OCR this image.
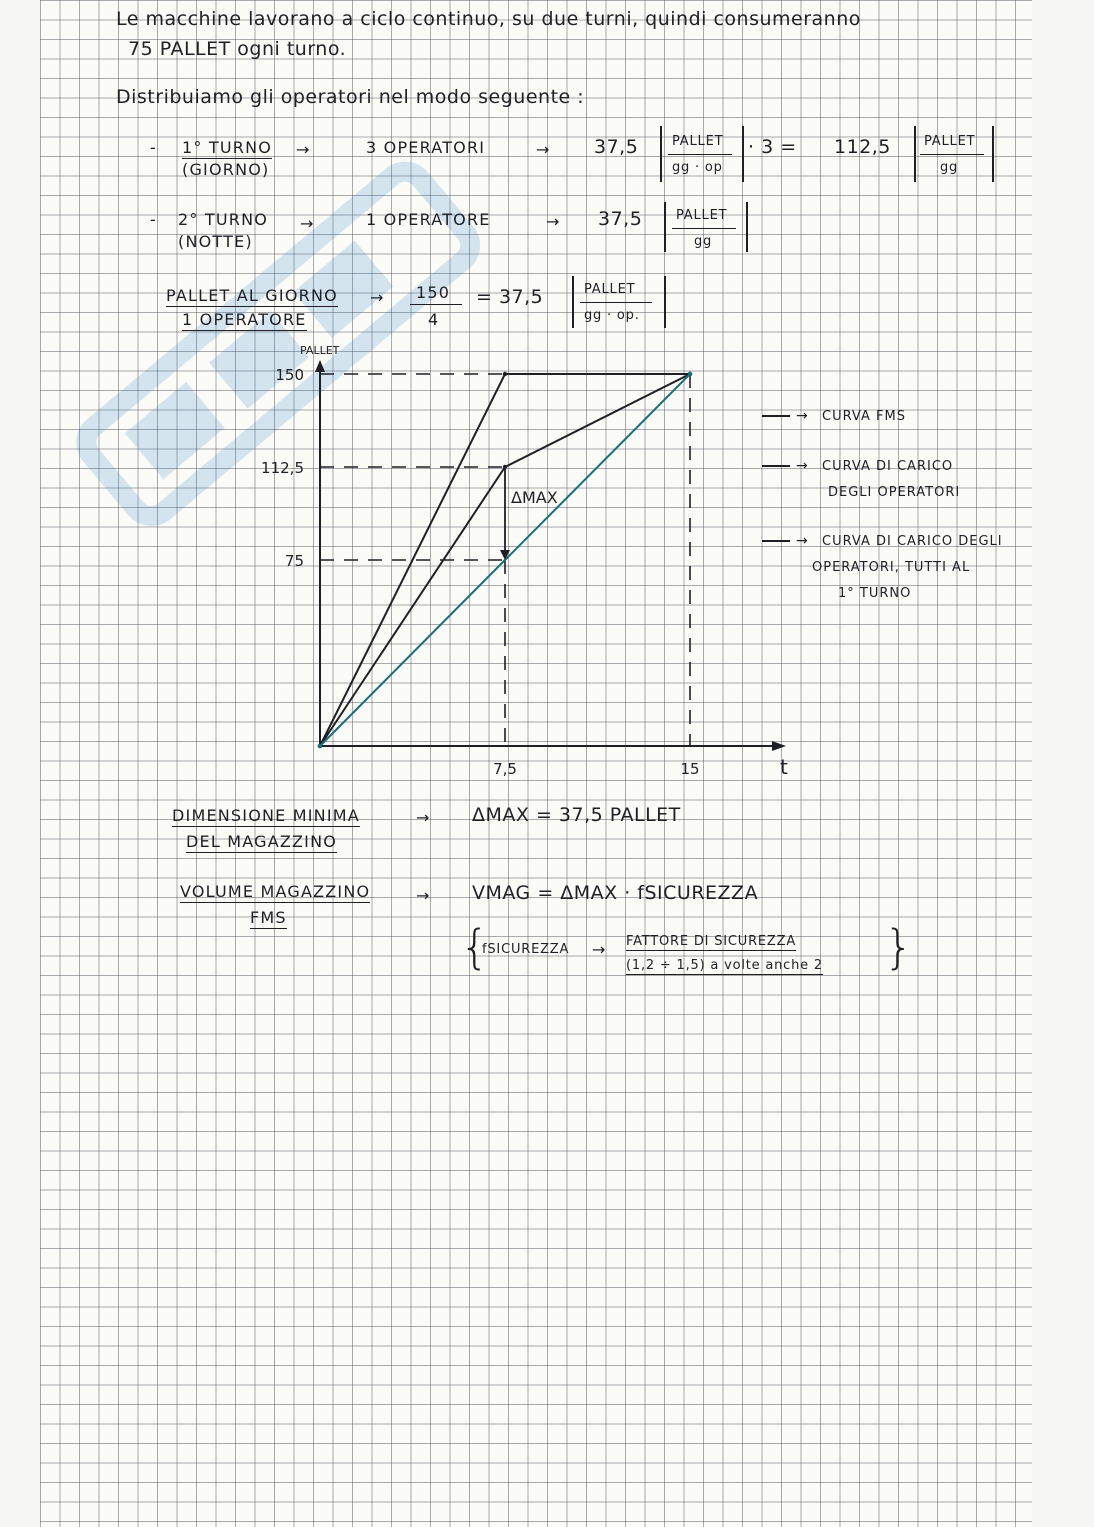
Le macchine lavorano a ciclo continuo, su due turni, quindi consumeranno
75 PALLET ogni turno.
Distribuiamo gli operatori nel modo seguente :
- 1° TURNO
(GIORNO)
→	3 OPERATORI	→ 37,5	PALLET
gg · op
· 3 = 112,5	PALLET
gg
- 2° TURNO
(NOTTE)
→	1 OPERATORE	→ 37,5	PALLET
gg
PALLET AL GIORNO
1 OPERATORE
→ 150
4
= 37,5	PALLET
gg · op.
PALLET
t
ΔMAX
150
112,5
75
7,5	15
→ CURVA FMS
→ CURVA DI CARICO
DEGLI OPERATORI
→ CURVA DI CARICO DEGLI
OPERATORI, TUTTI AL
1° TURNO
DIMENSIONE MINIMA
DEL MAGAZZINO
→ ΔMAX = 37,5 PALLET
VOLUME MAGAZZINO
FMS
→ VMAG = ΔMAX · fSICUREZZA
{
fSICUREZZA → FATTORE DI SICUREZZA
(1,2 ÷ 1,5) a volte anche 2 }
